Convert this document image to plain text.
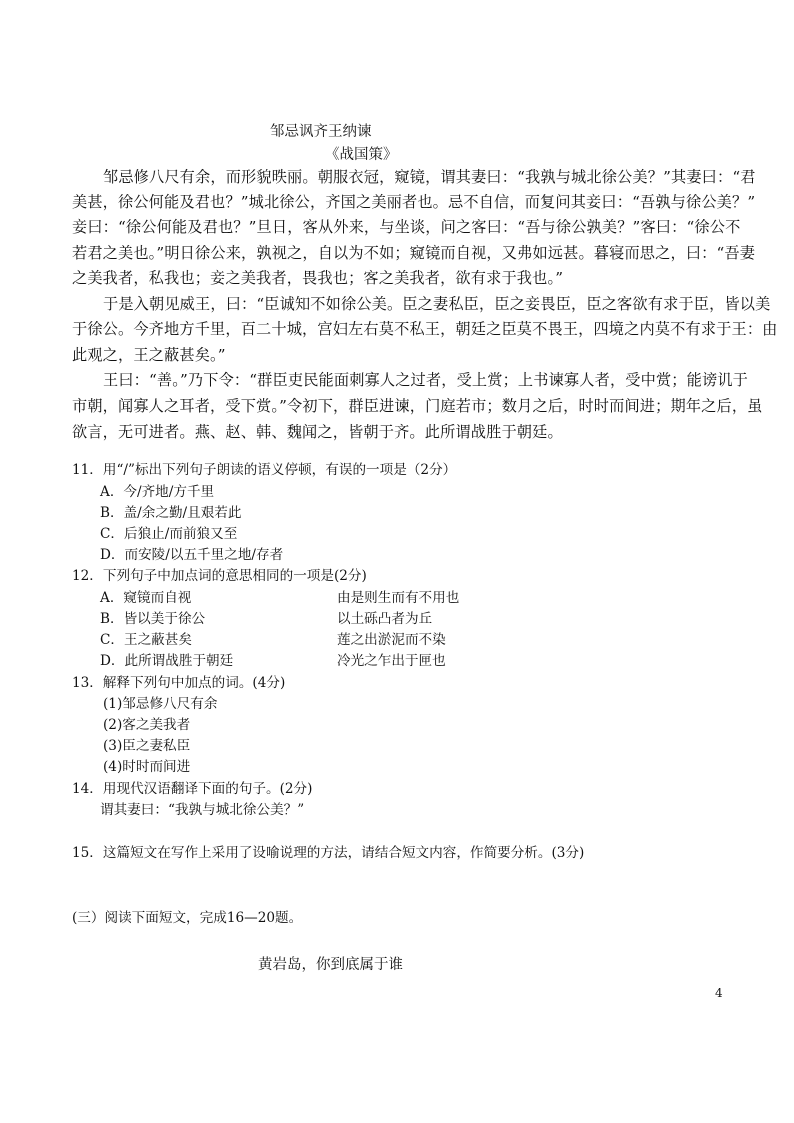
邹忌讽齐王纳谏
《战国策》
邹忌修八尺有余，而形貌昳丽。朝服衣冠，窥镜，谓其妻曰：“我孰与城北徐公美？”其妻曰：“君
美甚，徐公何能及君也？”城北徐公，齐国之美丽者也。忌不自信，而复问其妾曰：“吾孰与徐公美？”
妾曰：“徐公何能及君也？”旦日，客从外来，与坐谈，问之客曰：“吾与徐公孰美？”客曰：“徐公不
若君之美也。”明日徐公来，孰视之，自以为不如；窥镜而自视，又弗如远甚。暮寝而思之，曰：“吾妻
之美我者，私我也；妾之美我者，畏我也；客之美我者，欲有求于我也。”
于是入朝见威王，曰：“臣诚知不如徐公美。臣之妻私臣，臣之妾畏臣，臣之客欲有求于臣，皆以美
于徐公。今齐地方千里，百二十城，宫妇左右莫不私王，朝廷之臣莫不畏王，四境之内莫不有求于王：由
此观之，王之蔽甚矣。”
王曰：“善。”乃下令：“群臣吏民能面刺寡人之过者，受上赏；上书谏寡人者，受中赏；能谤讥于
市朝，闻寡人之耳者，受下赏。”令初下，群臣进谏，门庭若市；数月之后，时时而间进；期年之后，虽
欲言，无可进者。燕、赵、韩、魏闻之，皆朝于齐。此所谓战胜于朝廷。
11．用“/”标出下列句子朗读的语义停顿，有误的一项是（2分）
A．今/齐地/方千里
B．盖/余之勤/且艰若此
C．后狼止/而前狼又至
D．而安陵/以五千里之地/存者
12．下列句子中加点词的意思相同的一项是(2分)
A．窥镜而自视	由是则生而有不用也
B．皆以美于徐公	以土砾凸者为丘
C．王之蔽甚矣	莲之出淤泥而不染
D．此所谓战胜于朝廷	冷光之乍出于匣也
13．解释下列句中加点的词。(4分)
(1)邹忌修八尺有余
(2)客之美我者
(3)臣之妻私臣
(4)时时而间进
14．用现代汉语翻译下面的句子。(2分)
谓其妻曰：“我孰与城北徐公美？”
15．这篇短文在写作上采用了设喻说理的方法，请结合短文内容，作简要分析。(3分)
(三）阅读下面短文，完成16—20题。
黄岩岛，你到底属于谁
4
